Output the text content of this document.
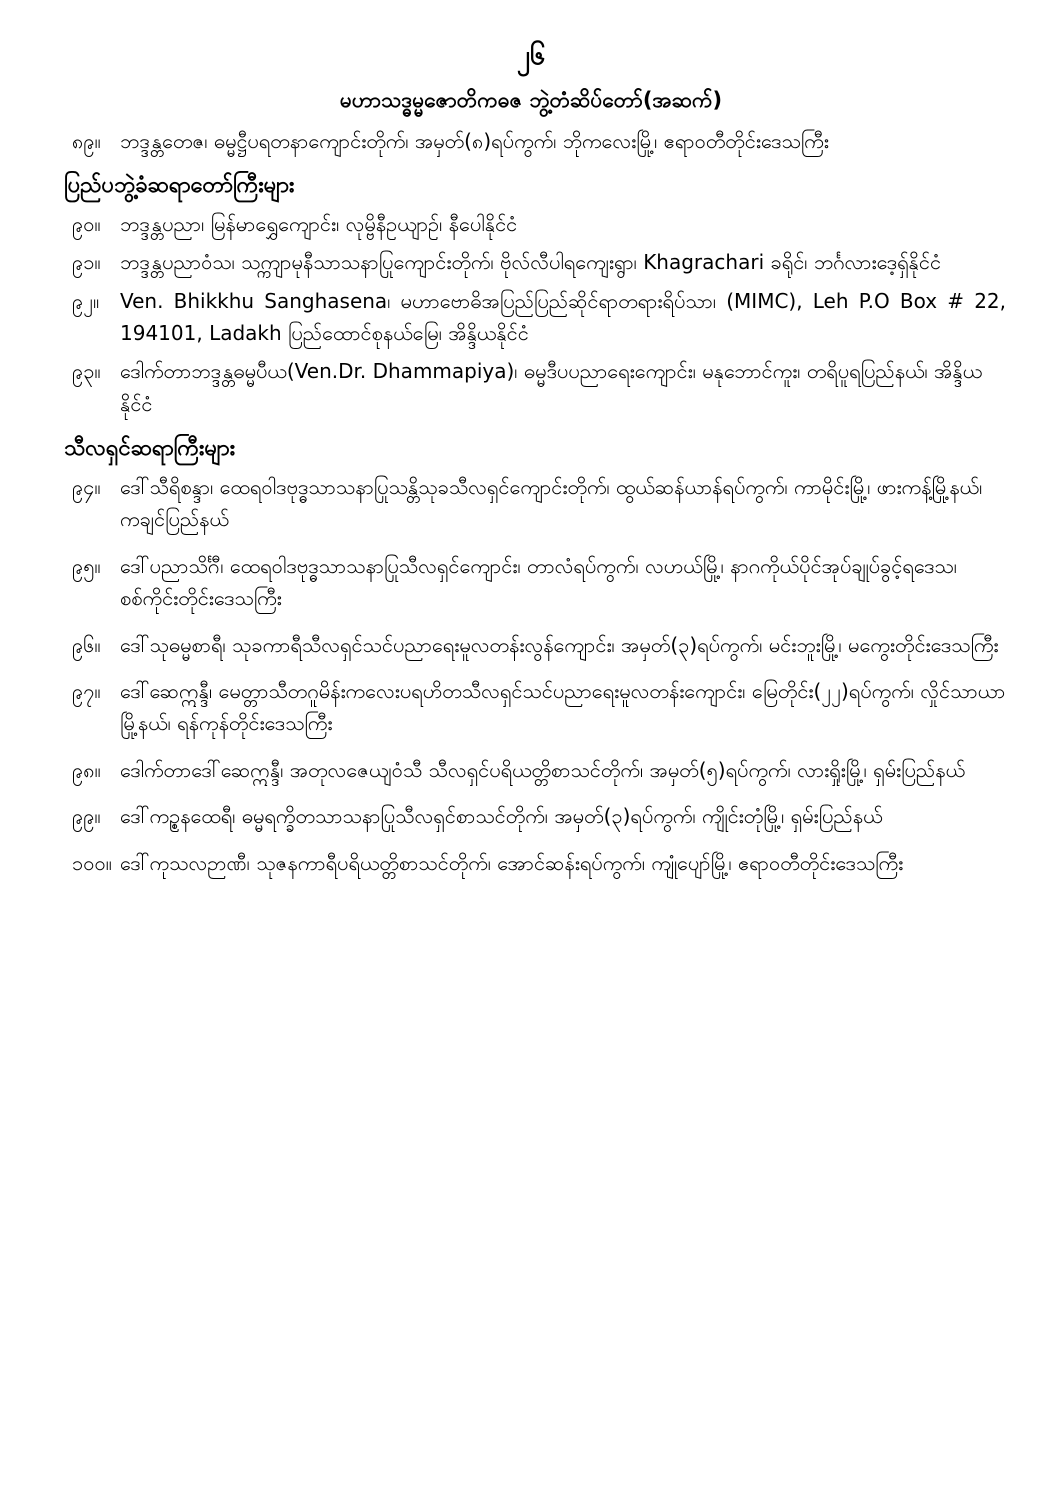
၂၆
မဟာသဒ္ဓမ္မဇောတိကဓဇ ဘွဲ့တံဆိပ်တော်(အဆက်)
၈၉။ ဘဒ္ဒန္တတေဇ၊ ဓမ္မဋ္ဌီပရတနာကျောင်းတိုက်၊ အမှတ်(၈)ရပ်ကွက်၊ ဘိုကလေးမြို့၊ ဧရာဝတီတိုင်းဒေသကြီး
ပြည်ပဘွဲ့ခံဆရာတော်ကြီးများ
၉၀။ ဘဒ္ဒန္တပညာ၊ မြန်မာရွှေကျောင်း၊ လုမ္ဗိနီဥယျာဉ်၊ နီပေါနိုင်ငံ
၉၁။ ဘဒ္ဒန္တပညာဝံသ၊ သက္ကျာမုနီသာသနာပြုကျောင်းတိုက်၊ ဗိုလ်လီပါရကျေးရွာ၊ Khagrachari ခရိုင်၊ ဘင်္ဂလားဒေ့ရှ်နိုင်ငံ
၉၂။	Ven. Bhikkhu Sanghasena၊ မဟာဗောဓိအပြည်ပြည်ဆိုင်ရာတရားရိပ်သာ၊ (MIMC), Leh P.O Box # 22, 194101, Ladakh ပြည်ထောင်စုနယ်မြေ၊ အိန္ဒိယနိုင်ငံ
၉၃။ ဒေါက်တာဘဒ္ဒန္တဓမ္မပီယ(Ven.Dr. Dhammapiya)၊ ဓမ္မဒီပပညာရေးကျောင်း၊ မနုဘောင်ကူး၊ တရိပူရပြည်နယ်၊ အိန္ဒိယနိုင်ငံ
သီလရှင်ဆရာကြီးများ
၉၄။ ဒေါ်သီရိစန္ဒာ၊ ထေရဝါဒဗုဒ္ဓသာသနာပြုသန္တိသုခသီလရှင်ကျောင်းတိုက်၊ ထွယ်ဆန်ယာန်ရပ်ကွက်၊ ကာမိုင်းမြို့၊ ဖားကန့်မြို့နယ်၊ ကချင်ပြည်နယ်
၉၅။ ဒေါ်ပညာသိင်္ဂီ၊ ထေရဝါဒဗုဒ္ဓသာသနာပြုသီလရှင်ကျောင်း၊ တာလံရပ်ကွက်၊ လဟယ်မြို့၊ နာဂကိုယ်ပိုင်အုပ်ချုပ်ခွင့်ရဒေသ၊ စစ်ကိုင်းတိုင်းဒေသကြီး
၉၆။ ဒေါ်သုဓမ္မစာရီ၊ သုခကာရီသီလရှင်သင်ပညာရေးမူလတန်းလွန်ကျောင်း၊ အမှတ်(၃)ရပ်ကွက်၊ မင်းဘူးမြို့၊ မကွေးတိုင်းဒေသကြီး
၉၇။ ဒေါ်ဆေဣန္ဒီ၊ မေတ္တာသီတဂူမိန်းကလေးပရဟိတသီလရှင်သင်ပညာရေးမူလတန်းကျောင်း၊ မြေတိုင်း(၂၂)ရပ်ကွက်၊ လှိုင်သာယာမြို့နယ်၊ ရန်ကုန်တိုင်းဒေသကြီး
၉၈။ ဒေါက်တာဒေါ်ဆေဣန္ဒီ၊ အတုလဇေယျဝံသီ သီလရှင်ပရိယတ္တိစာသင်တိုက်၊ အမှတ်(၅)ရပ်ကွက်၊ လားရှိုးမြို့၊ ရှမ်းပြည်နယ်
၉၉။ ဒေါ်ကဥ္စနထေရီ၊ ဓမ္မရက္ခိတသာသနာပြုသီလရှင်စာသင်တိုက်၊ အမှတ်(၃)ရပ်ကွက်၊ ကျိုင်းတုံမြို့၊ ရှမ်းပြည်နယ်
၁၀၀။ ဒေါ်ကုသလဉာဏီ၊ သုဇနကာရီပရိယတ္တိစာသင်တိုက်၊ အောင်ဆန်းရပ်ကွက်၊ ကျုံပျော်မြို့၊ ဧရာဝတီတိုင်းဒေသကြီး
